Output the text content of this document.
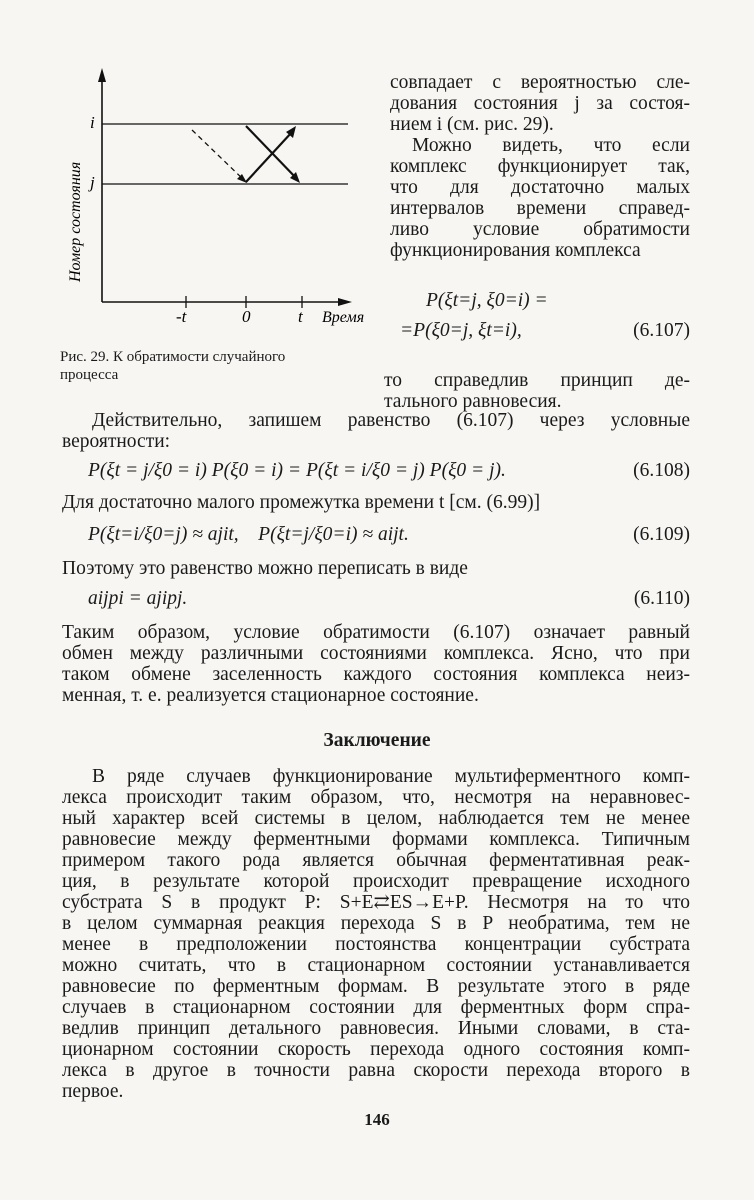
i
j
-t	0	t Время
Номер состояния
Рис. 29. К обратимости случайного
процесса
совпадает с вероятностью сле-
дования состояния j за состоя-
нием i (см. рис. 29).
Можно видеть, что если
комплекс функционирует так,
что для достаточно малых
интервалов времени справед-
ливо условие обратимости
функционирования комплекса
P(ξt=j, ξ0=i) =
=P(ξ0=j, ξt=i),	(6.107)
то справедлив принцип де-
тального равновесия.
Действительно, запишем равенство (6.107) через условные
вероятности:
P(ξt = j/ξ0 = i) P(ξ0 = i) = P(ξt = i/ξ0 = j) P(ξ0 = j).	(6.108)
Для достаточно малого промежутка времени t [см. (6.99)]
P(ξt=i/ξ0=j) ≈ ajit,    P(ξt=j/ξ0=i) ≈ aijt.	(6.109)
Поэтому это равенство можно переписать в виде
aijpi = ajipj.	(6.110)
Таким образом, условие обратимости (6.107) означает равный
обмен между различными состояниями комплекса. Ясно, что при
таком обмене заселенность каждого состояния комплекса неиз-
менная, т. е. реализуется стационарное состояние.
Заключение
В ряде случаев функционирование мультиферментного комп-
лекса происходит таким образом, что, несмотря на неравновес-
ный характер всей системы в целом, наблюдается тем не менее
равновесие между ферментными формами комплекса. Типичным
примером такого рода является обычная ферментативная реак-
ция, в результате которой происходит превращение исходного
субстрата S в продукт P: S+E⇄ES→E+P. Несмотря на то что
в целом суммарная реакция перехода S в P необратима, тем не
менее в предположении постоянства концентрации субстрата
можно считать, что в стационарном состоянии устанавливается
равновесие по ферментным формам. В результате этого в ряде
случаев в стационарном состоянии для ферментных форм спра-
ведлив принцип детального равновесия. Иными словами, в ста-
ционарном состоянии скорость перехода одного состояния комп-
лекса в другое в точности равна скорости перехода второго в
первое.
146
